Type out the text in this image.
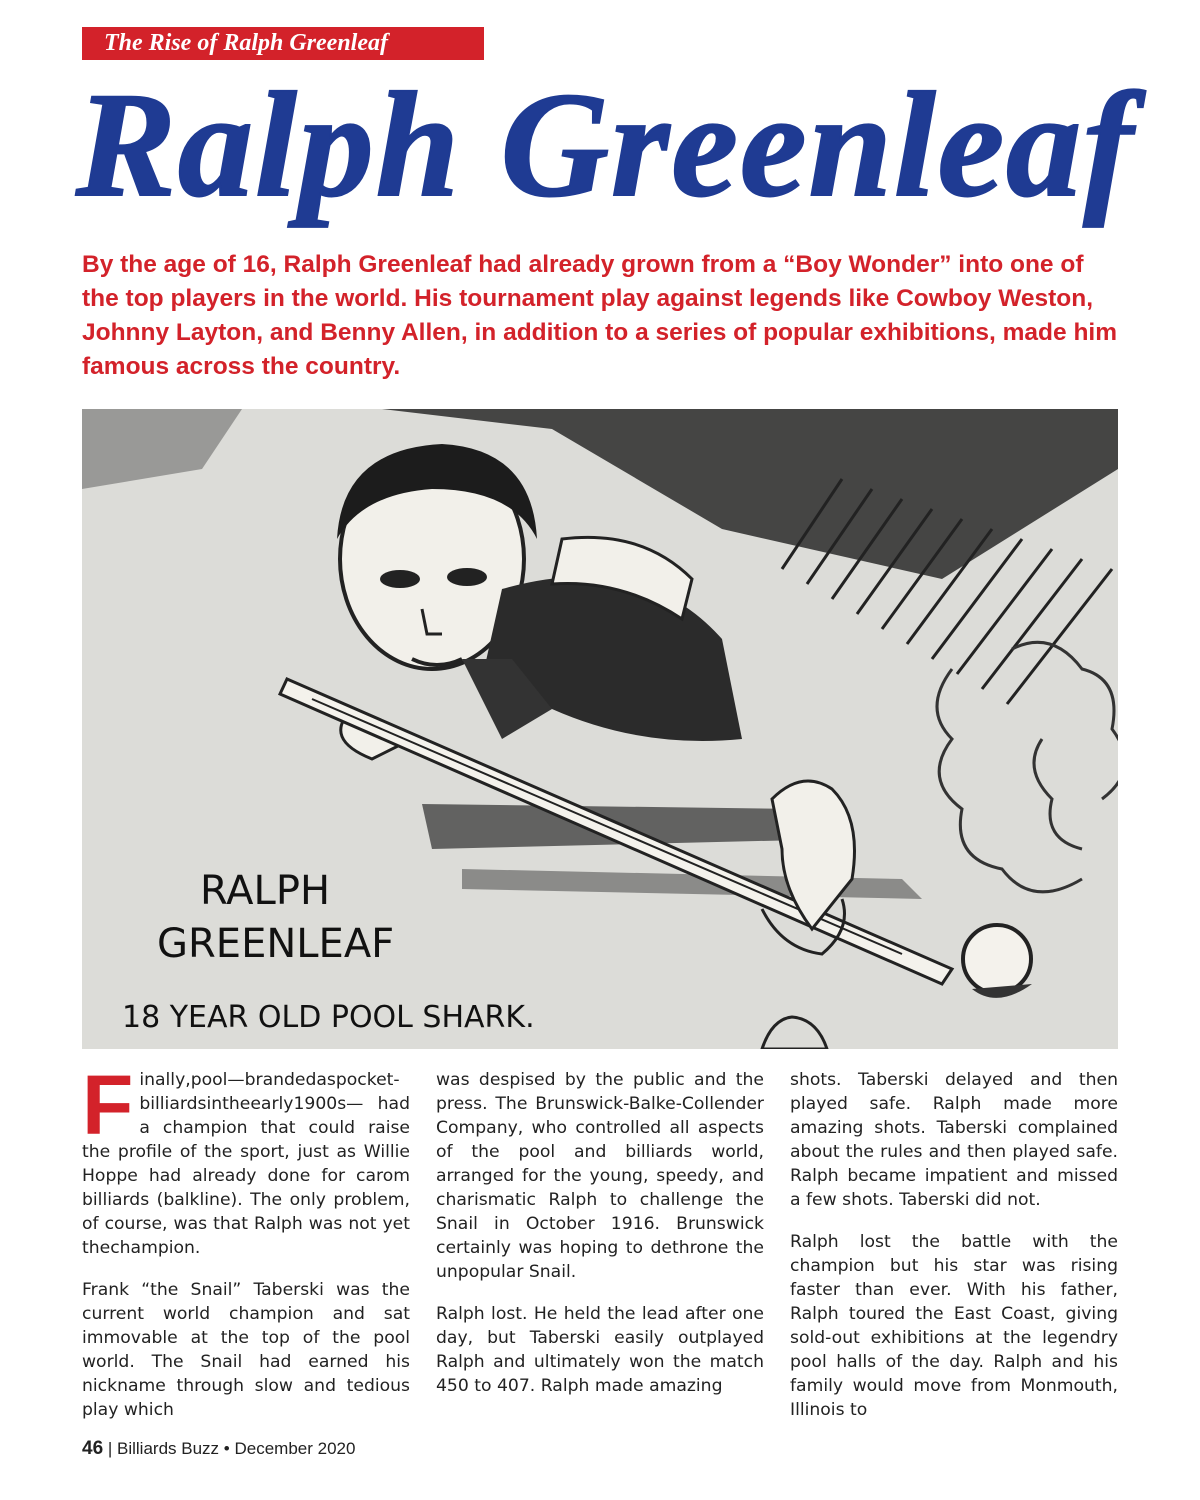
The Rise of Ralph Greenleaf
Ralph Greenleaf
By the age of 16, Ralph Greenleaf had already grown from a “Boy Wonder” into one of the top players in the world. His tournament play against legends like Cowboy Weston, Johnny Layton, and Benny Allen, in addition to a series of popular exhibitions, made him famous across the country.
RALPH
GREENLEAF
18 YEAR OLD POOL SHARK.

Finally,pool—brandedaspocket-billiardsintheearly1900s— had a champion that could raise the profile of the sport, just as Willie Hoppe had already done for carom billiards (balkline). The only problem, of course, was that Ralph was not yet thechampion.

Frank “the Snail” Taberski was the current world champion and sat immovable at the top of the pool world. The Snail had earned his nickname through slow and tedious play which

was despised by the public and the press. The Brunswick-Balke-Collender Company, who controlled all aspects of the pool and billiards world, arranged for the young, speedy, and charismatic Ralph to challenge the Snail in October 1916. Brunswick certainly was hoping to dethrone the unpopular Snail.

Ralph lost. He held the lead after one day, but Taberski easily outplayed Ralph and ultimately won the match 450 to 407. Ralph made amazing

shots. Taberski delayed and then played safe. Ralph made more amazing shots. Taberski complained about the rules and then played safe. Ralph became impatient and missed a few shots. Taberski did not.

Ralph lost the battle with the champion but his star was rising faster than ever. With his father, Ralph toured the East Coast, giving sold-out exhibitions at the legendry pool halls of the day. Ralph and his family would move from Monmouth, Illinois to

46 | Billiards Buzz • December 2020
